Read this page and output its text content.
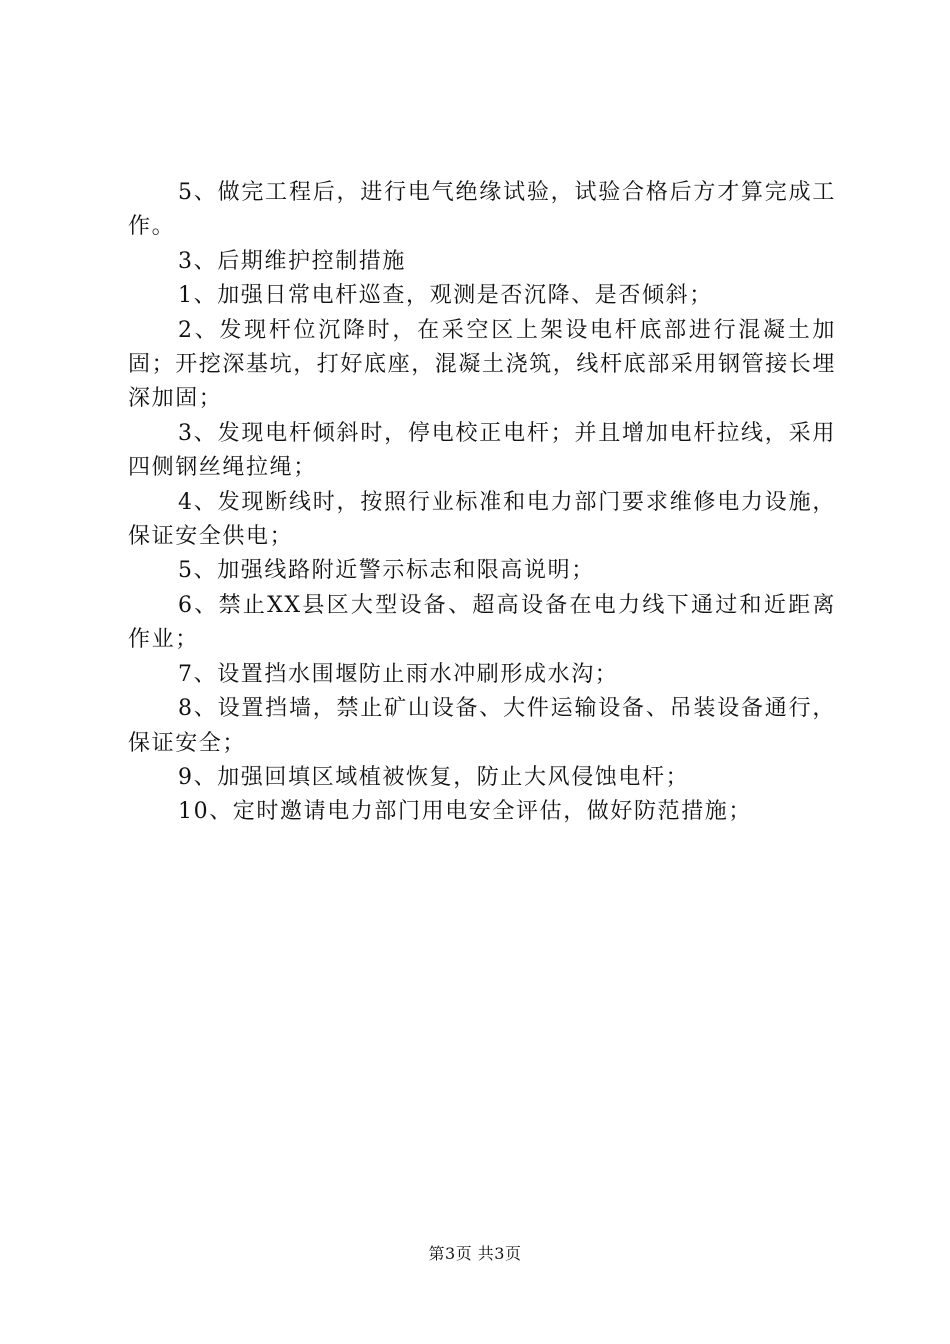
5、做完工程后，进行电气绝缘试验，试验合格后方才算完成工作。

3、后期维护控制措施

1、加强日常电杆巡查，观测是否沉降、是否倾斜；

2、发现杆位沉降时，在采空区上架设电杆底部进行混凝土加固；开挖深基坑，打好底座，混凝土浇筑，线杆底部采用钢管接长埋深加固；

3、发现电杆倾斜时，停电校正电杆；并且增加电杆拉线，采用四侧钢丝绳拉绳；

4、发现断线时，按照行业标准和电力部门要求维修电力设施，保证安全供电；

5、加强线路附近警示标志和限高说明；

6、禁止XX县区大型设备、超高设备在电力线下通过和近距离作业；

7、设置挡水围堰防止雨水冲刷形成水沟；

8、设置挡墙，禁止矿山设备、大件运输设备、吊装设备通行，保证安全；

9、加强回填区域植被恢复，防止大风侵蚀电杆；

10、定时邀请电力部门用电安全评估，做好防范措施；

第3页 共3页
